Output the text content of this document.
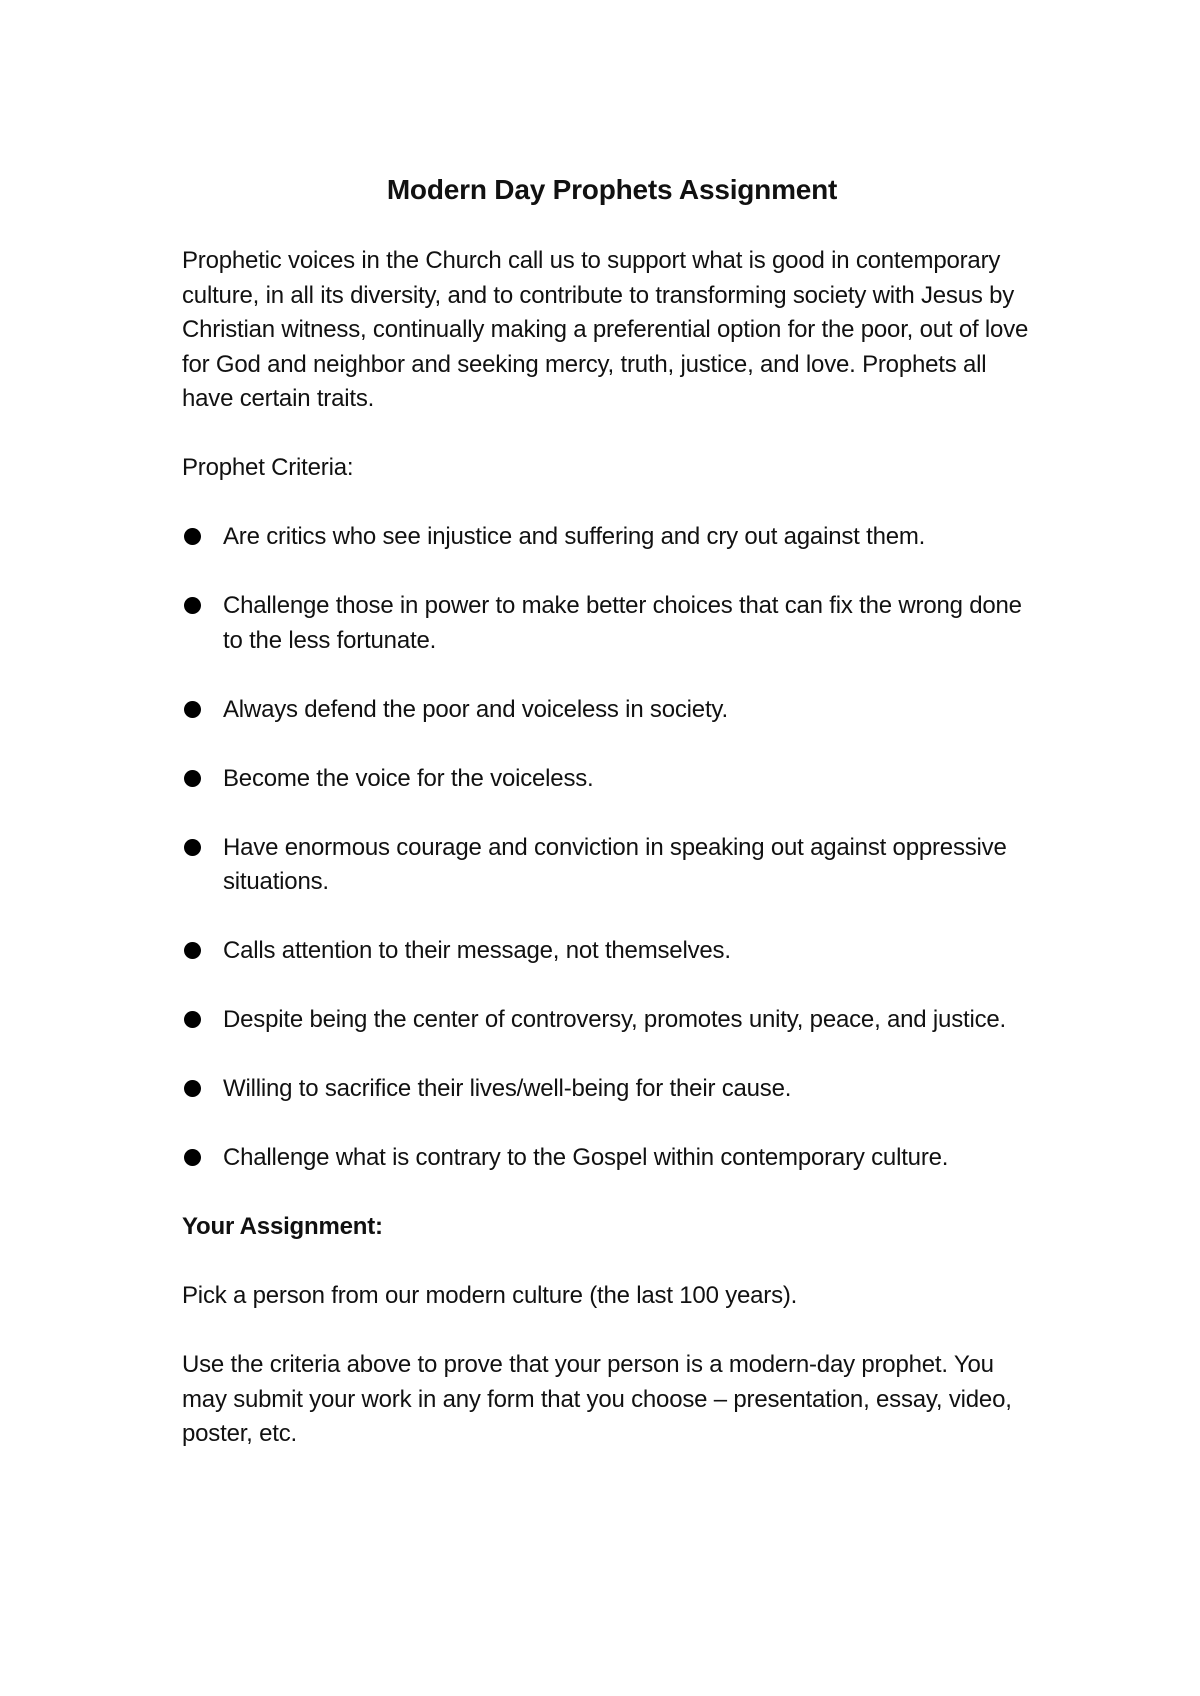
Modern Day Prophets Assignment

Prophetic voices in the Church call us to support what is good in contemporary culture, in all its diversity, and to contribute to transforming society with Jesus by Christian witness, continually making a preferential option for the poor, out of love for God and neighbor and seeking mercy, truth, justice, and love. Prophets all have certain traits.

Prophet Criteria:

Are critics who see injustice and suffering and cry out against them.
Challenge those in power to make better choices that can fix the wrong done to the less fortunate.
Always defend the poor and voiceless in society.
Become the voice for the voiceless.
Have enormous courage and conviction in speaking out against oppressive situations.
Calls attention to their message, not themselves.
Despite being the center of controversy, promotes unity, peace, and justice.
Willing to sacrifice their lives/well-being for their cause.
Challenge what is contrary to the Gospel within contemporary culture.

Your Assignment:

Pick a person from our modern culture (the last 100 years).

Use the criteria above to prove that your person is a modern-day prophet. You may submit your work in any form that you choose – presentation, essay, video, poster, etc.
